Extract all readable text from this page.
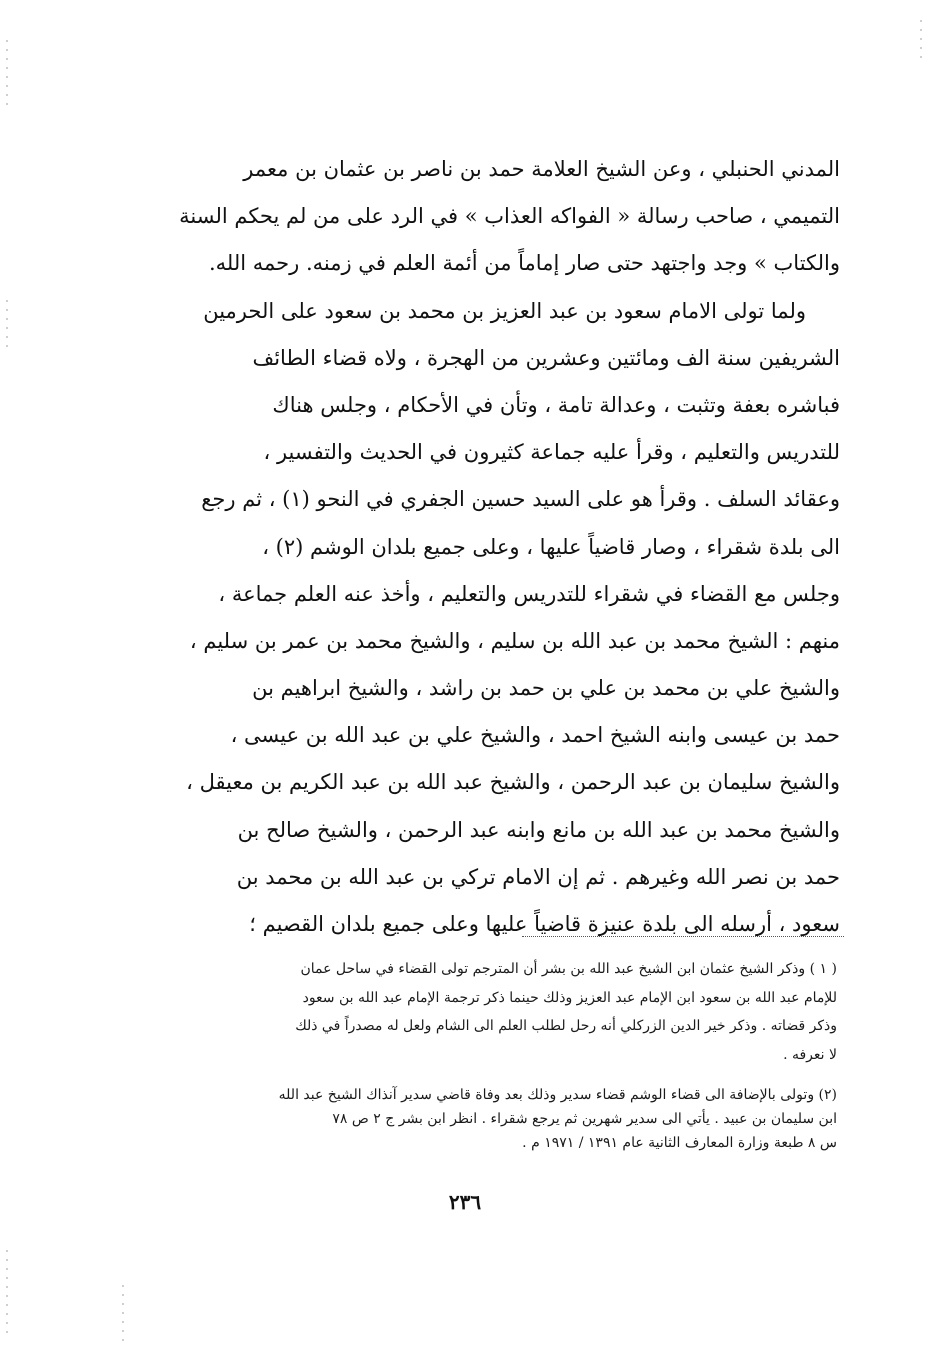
المدني الحنبلي ، وعن الشيخ العلامة حمد بن ناصر بن عثمان بن معمر
التميمي ، صاحب رسالة « الفواكه العذاب » في الرد على من لم يحكم السنة
والكتاب » وجد واجتهد حتى صار إماماً من أئمة العلم في زمنه. رحمه الله.
ولما تولى الامام سعود بن عبد العزيز بن محمد بن سعود على الحرمين
الشريفين سنة الف ومائتين وعشرين من الهجرة ، ولاه قضاء الطائف
فباشره بعفة وتثبت ، وعدالة تامة ، وتأن في الأحكام ، وجلس هناك
للتدريس والتعليم ، وقرأ عليه جماعة كثيرون في الحديث والتفسير ،
وعقائد السلف . وقرأ هو على السيد حسين الجفري في النحو (١) ، ثم رجع
الى بلدة شقراء ، وصار قاضياً عليها ، وعلى جميع بلدان الوشم (٢) ،
وجلس مع القضاء في شقراء للتدريس والتعليم ، وأخذ عنه العلم جماعة ،
منهم : الشيخ محمد بن عبد الله بن سليم ، والشيخ محمد بن عمر بن سليم ،
والشيخ علي بن محمد بن علي بن حمد بن راشد ، والشيخ ابراهيم بن
حمد بن عيسى وابنه الشيخ احمد ، والشيخ علي بن عبد الله بن عيسى ،
والشيخ سليمان بن عبد الرحمن ، والشيخ عبد الله بن عبد الكريم بن معيقل ،
والشيخ محمد بن عبد الله بن مانع وابنه عبد الرحمن ، والشيخ صالح بن
حمد بن نصر الله وغيرهم . ثم إن الامام تركي بن عبد الله بن محمد بن
سعود ، أرسله الى بلدة عنيزة قاضياً عليها وعلى جميع بلدان القصيم ؛
( ١ ) وذكر الشيخ عثمان ابن الشيخ عبد الله بن بشر أن المترجم تولى القضاء في ساحل عمان
للإمام عبد الله بن سعود ابن الإمام عبد العزيز وذلك حينما ذكر ترجمة الإمام عبد الله بن سعود
وذكر قضاته . وذكر خير الدين الزركلي أنه رحل لطلب العلم الى الشام ولعل له مصدراً في ذلك
لا نعرفه .
(٢) وتولى بالإضافة الى قضاء الوشم قضاء سدير وذلك بعد وفاة قاضي سدير آنذاك الشيخ عبد الله
ابن سليمان بن عبيد . يأتي الى سدير شهرين ثم يرجع شقراء . انظر ابن بشر ج ٢ ص ٧٨
س ٨ طبعة وزارة المعارف الثانية عام ١٣٩١ / ١٩٧١ م .
٢٣٦
